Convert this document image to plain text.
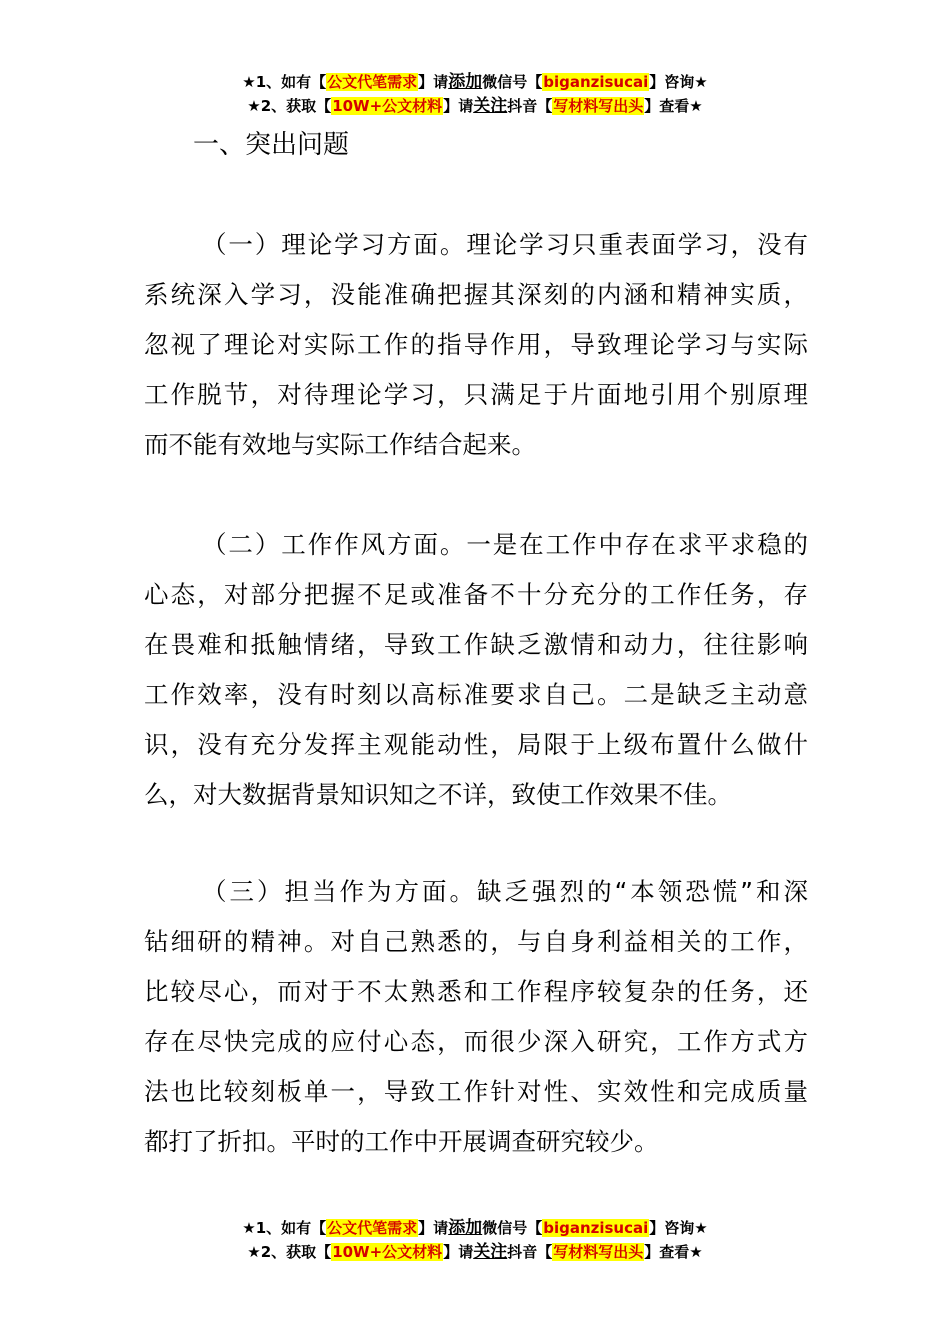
★1、如有【公文代笔需求】请添加微信号【biganzisucai】咨询★
★2、获取【10W+公文材料】请关注抖音【写材料写出头】查看★
一、突出问题
（一）理论学习方面。理论学习只重表面学习，没有
系统深入学习，没能准确把握其深刻的内涵和精神实质，
忽视了理论对实际工作的指导作用，导致理论学习与实际
工作脱节，对待理论学习，只满足于片面地引用个别原理
而不能有效地与实际工作结合起来。
（二）工作作风方面。一是在工作中存在求平求稳的
心态，对部分把握不足或准备不十分充分的工作任务，存
在畏难和抵触情绪，导致工作缺乏激情和动力，往往影响
工作效率，没有时刻以高标准要求自己。二是缺乏主动意
识，没有充分发挥主观能动性，局限于上级布置什么做什
么，对大数据背景知识知之不详，致使工作效果不佳。
（三）担当作为方面。缺乏强烈的“本领恐慌”和深
钻细研的精神。对自己熟悉的，与自身利益相关的工作，
比较尽心，而对于不太熟悉和工作程序较复杂的任务，还
存在尽快完成的应付心态，而很少深入研究，工作方式方
法也比较刻板单一，导致工作针对性、实效性和完成质量
都打了折扣。平时的工作中开展调查研究较少。
★1、如有【公文代笔需求】请添加微信号【biganzisucai】咨询★
★2、获取【10W+公文材料】请关注抖音【写材料写出头】查看★
